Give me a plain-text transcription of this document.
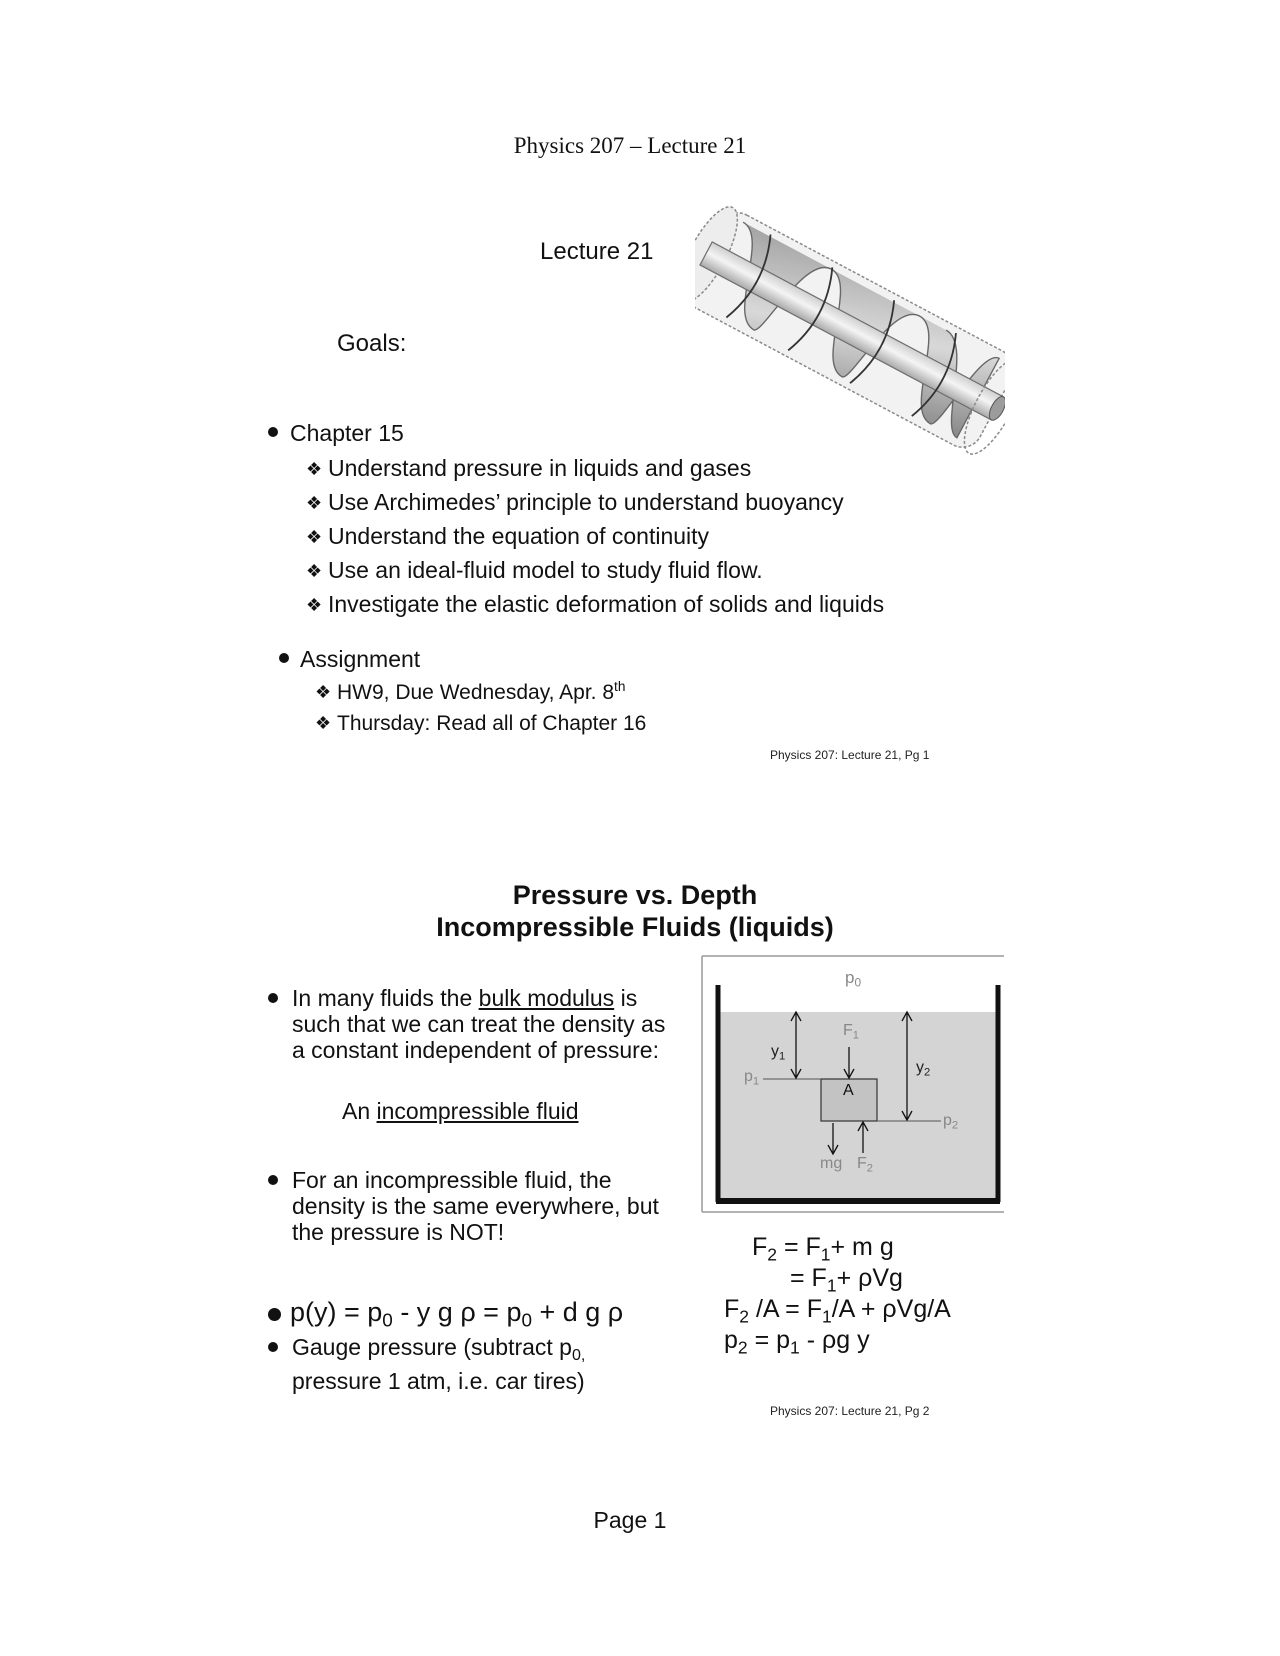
Physics 207 – Lecture 21
Lecture 21
Goals:
Chapter 15
❖ Understand pressure in liquids and gases
❖ Use Archimedes’ principle to understand buoyancy
❖ Understand the equation of continuity
❖ Use an ideal-fluid model to study fluid flow.
❖ Investigate the elastic deformation of solids and liquids
Assignment
❖ HW9, Due Wednesday, Apr. 8th
❖ Thursday: Read all of Chapter 16
Physics 207: Lecture 21, Pg 1
Pressure vs. Depth
Incompressible Fluids (liquids)
In many fluids the bulk modulus is
such that we can treat the density as
a constant independent of pressure:
An incompressible fluid
For an incompressible fluid, the
density is the same everywhere, but
the pressure is NOT!
$p(y) = p_0 - y$ g $\rho = p_0 + d$ g ρ
Gauge pressure (subtract $p_{0,}$
pressure 1 atm, i.e. car tires)
$p_0$
$F_1$
$y_1$
$y_2$
$p_1$
A
$p_2$
mg $F_2$
$F_2 = F_1+ m$ g
= $F_1+ \rho Vg$
$F_2$ $/A = F_1/A + \rho Vg/A$
$p_2 = p_1 - \rho g$ y
Physics 207: Lecture 21, Pg 2
Page 1
